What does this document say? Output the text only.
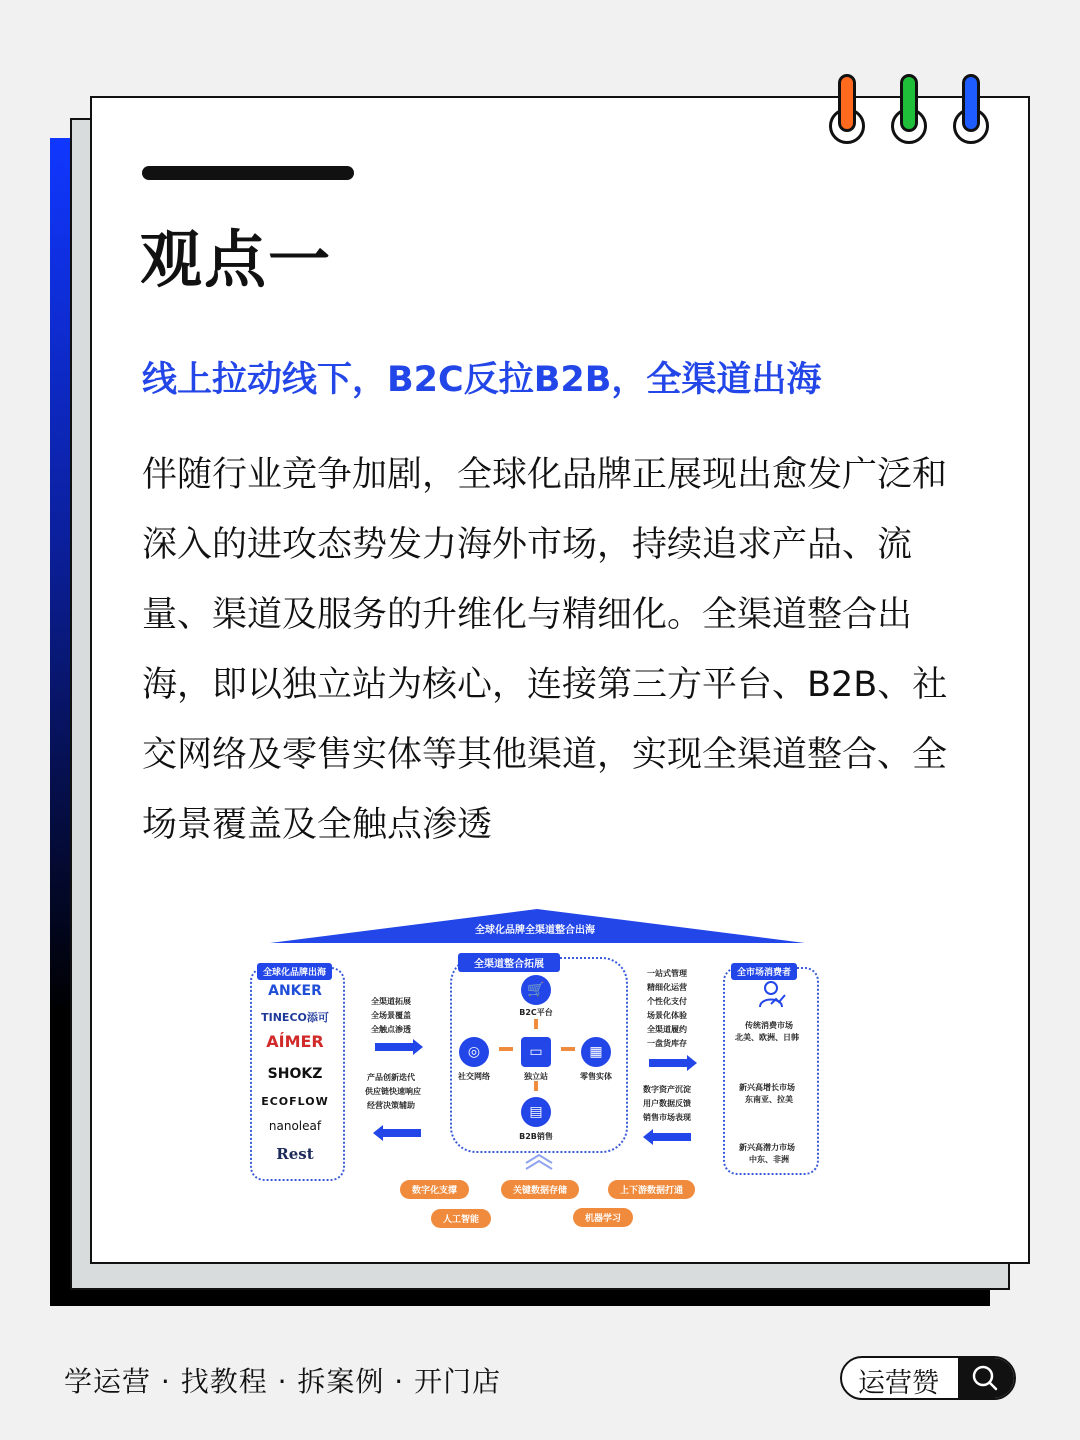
观点一
线上拉动线下，B2C反拉B2B，全渠道出海
伴随行业竞争加剧，全球化品牌正展现出愈发广泛和深入的进攻态势发力海外市场，持续追求产品、流量、渠道及服务的升维化与精细化。全渠道整合出海，即以独立站为核心，连接第三方平台、B2B、社交网络及零售实体等其他渠道，实现全渠道整合、全场景覆盖及全触点渗透
全球化品牌全渠道整合出海
全球化品牌出海
ANKER
TINECO添可
AÍMER
SHOKZ
ECOFLOW
nanoleaf
Rest
全渠道拓展
全场景覆盖
全触点渗透
产品创新迭代
供应链快速响应
经营决策辅助
全渠道整合拓展
🛒
B2C平台
◎
社交网络
▭
独立站
▦
零售实体
▤
B2B销售
一站式管理
精细化运营
个性化支付
场景化体验
全渠道履约
一盘货库存
数字资产沉淀
用户数据反馈
销售市场表现
全市场消费者
传统消费市场
北美、欧洲、日韩
新兴高增长市场
东南亚、拉美
新兴高潜力市场
中东、非洲
数字化支撑	关键数据存储	上下游数据打通
人工智能	机器学习
学运营 · 找教程 · 拆案例 · 开门店	运营赞
